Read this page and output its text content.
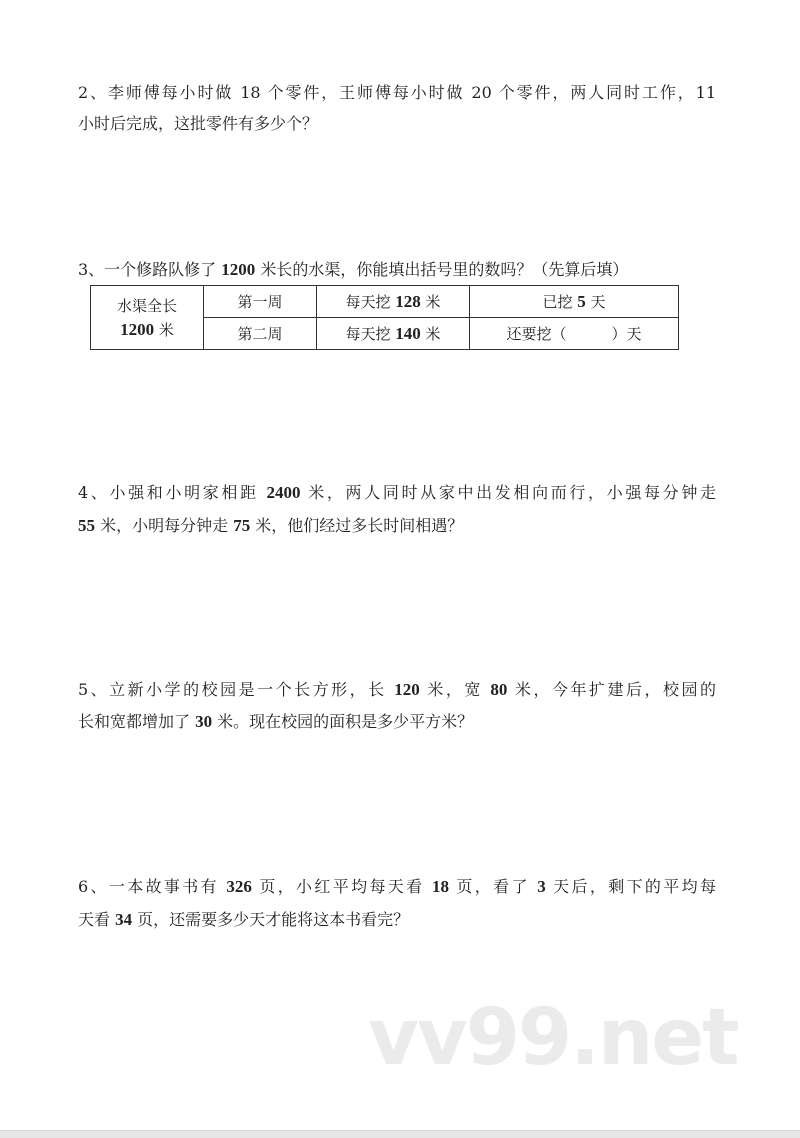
2、李师傅每小时做 18 个零件，王师傅每小时做 20 个零件，两人同时工作，11
小时后完成，这批零件有多少个？
3、一个修路队修了 1200 米长的水渠，你能填出括号里的数吗？（先算后填）
4、小强和小明家相距 2400 米，两人同时从家中出发相向而行，小强每分钟走
55 米，小明每分钟走 75 米，他们经过多长时间相遇？
5、立新小学的校园是一个长方形，长 120 米，宽 80 米，今年扩建后，校园的
长和宽都增加了 30 米。现在校园的面积是多少平方米？
6、一本故事书有 326 页，小红平均每天看 18 页，看了 3 天后，剩下的平均每
天看 34 页，还需要多少天才能将这本书看完？
水渠全长
1200 米	第一周	每天挖 128 米	已挖 5 天
	第二周	每天挖 140 米	还要挖（　　　）天
vv99.net
